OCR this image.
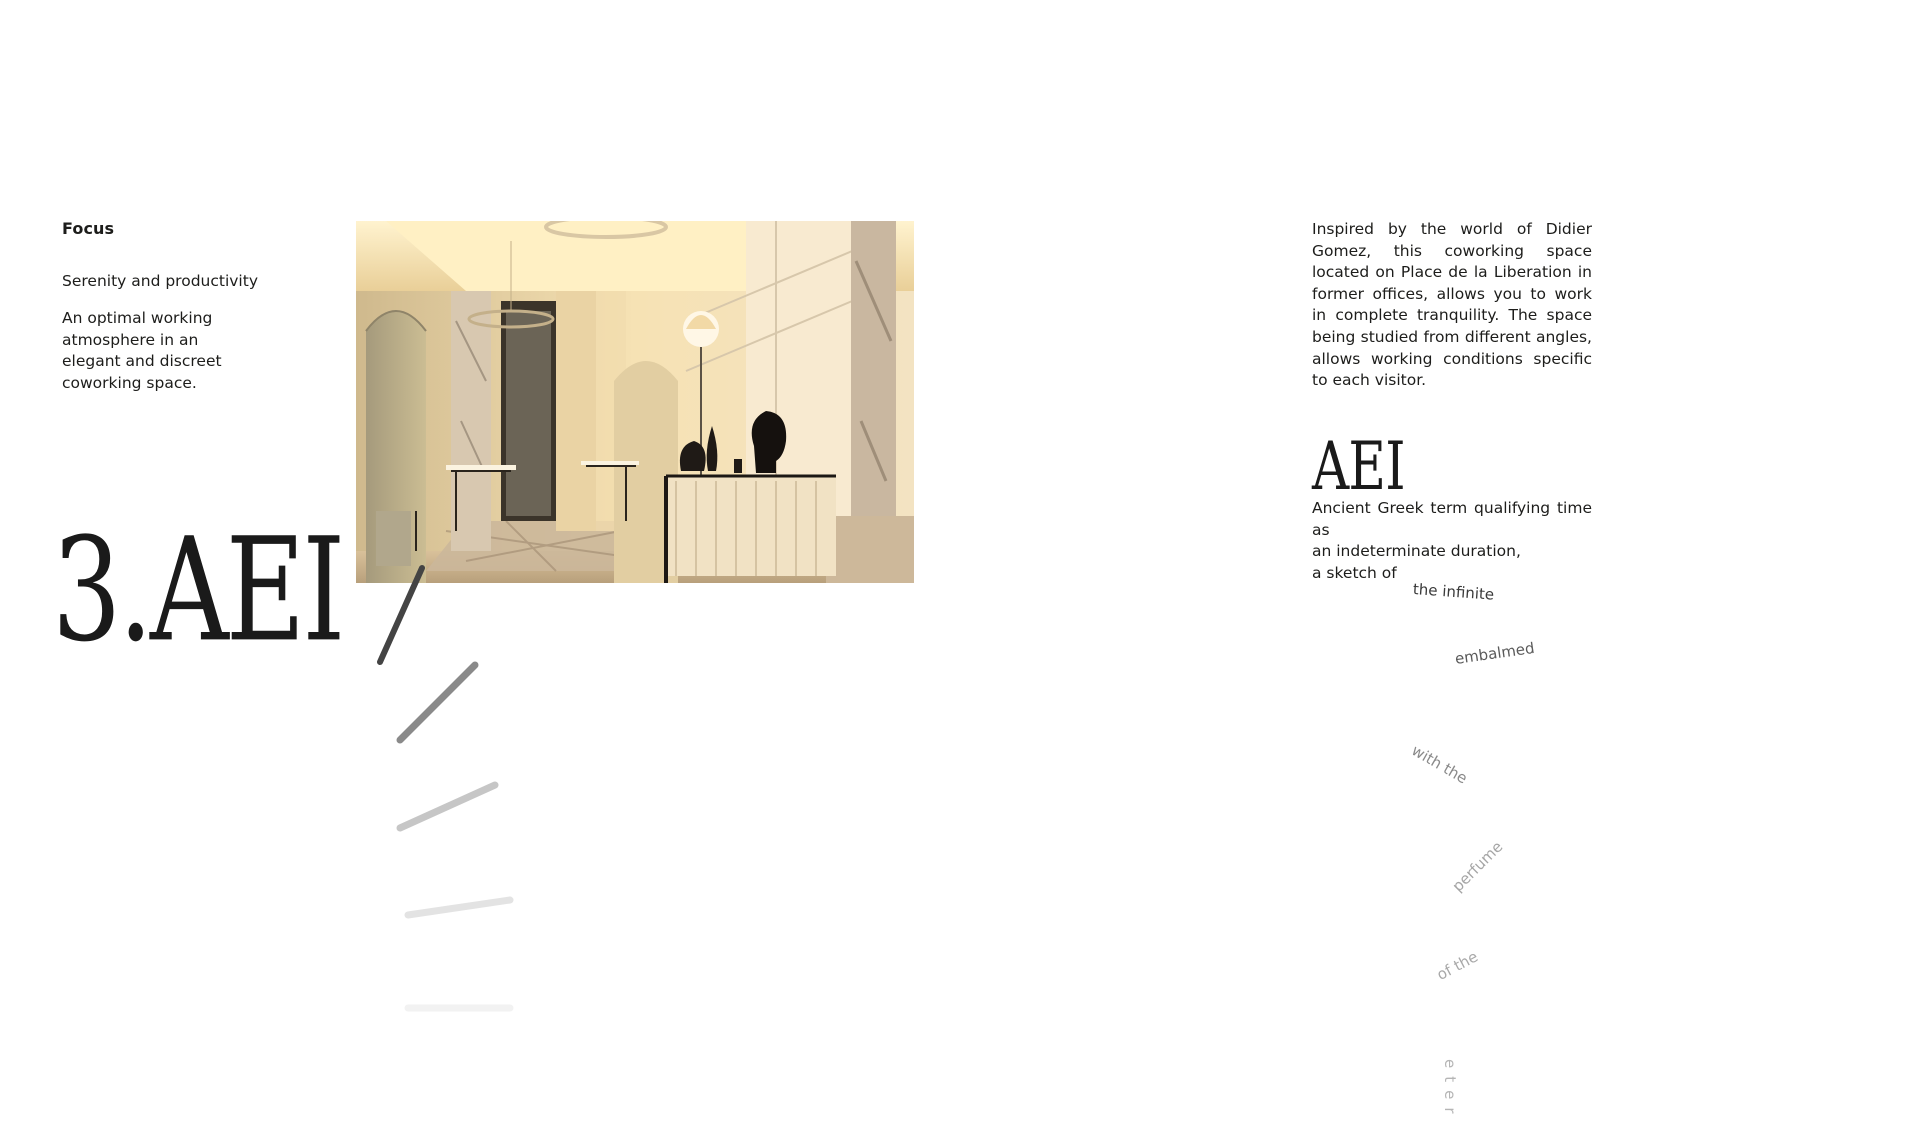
Focus

Serenity and productivity

An optimal working atmosphere in an elegant and discreet coworking space.

3.AEI

Inspired by the world of Didier Gomez, this coworking space located on Place de la Liberation in former offices, allows you to work in complete tranquility. The space being studied from different angles, allows working conditions specific to each visitor.

AEI

Ancient Greek term qualifying time as
an indeterminate duration,
a sketch of

the infinite
embalmed
with the
perfume
of the
eter
